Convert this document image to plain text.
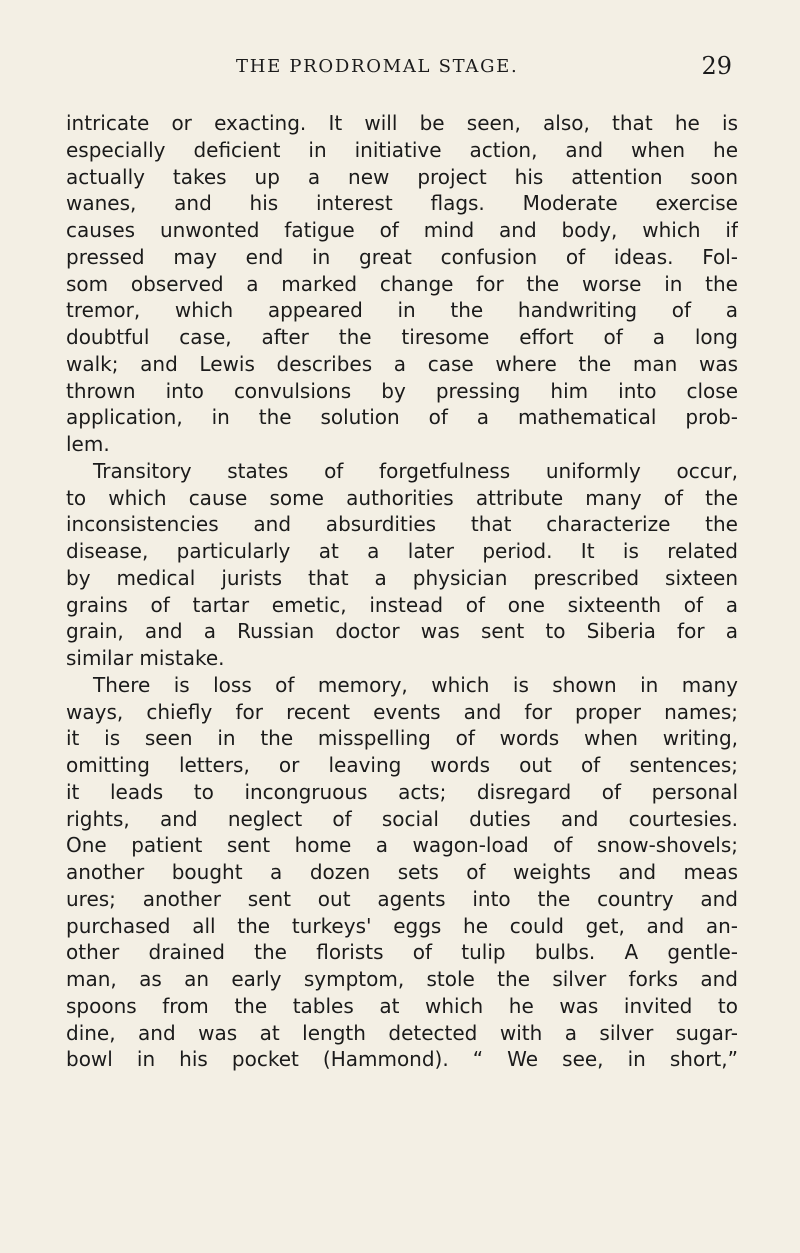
THE PRODROMAL STAGE.	29
intricate or exacting. It will be seen, also, that he is
especially deficient in initiative action, and when he
actually takes up a new project his attention soon
wanes, and his interest flags. Moderate exercise
causes unwonted fatigue of mind and body, which if
pressed may end in great confusion of ideas. Fol-
som observed a marked change for the worse in the
tremor, which appeared in the handwriting of a
doubtful case, after the tiresome effort of a long
walk; and Lewis describes a case where the man was
thrown into convulsions by pressing him into close
application, in the solution of a mathematical prob-
lem.
Transitory states of forgetfulness uniformly occur,
to which cause some authorities attribute many of the
inconsistencies and absurdities that characterize the
disease, particularly at a later period. It is related
by medical jurists that a physician prescribed sixteen
grains of tartar emetic, instead of one sixteenth of a
grain, and a Russian doctor was sent to Siberia for a
similar mistake.
There is loss of memory, which is shown in many
ways, chiefly for recent events and for proper names;
it is seen in the misspelling of words when writing,
omitting letters, or leaving words out of sentences;
it leads to incongruous acts; disregard of personal
rights, and neglect of social duties and courtesies.
One patient sent home a wagon-load of snow-shovels;
another bought a dozen sets of weights and meas
ures; another sent out agents into the country and
purchased all the turkeys' eggs he could get, and an-
other drained the florists of tulip bulbs. A gentle-
man, as an early symptom, stole the silver forks and
spoons from the tables at which he was invited to
dine, and was at length detected with a silver sugar-
bowl in his pocket (Hammond). “ We see, in short,”
